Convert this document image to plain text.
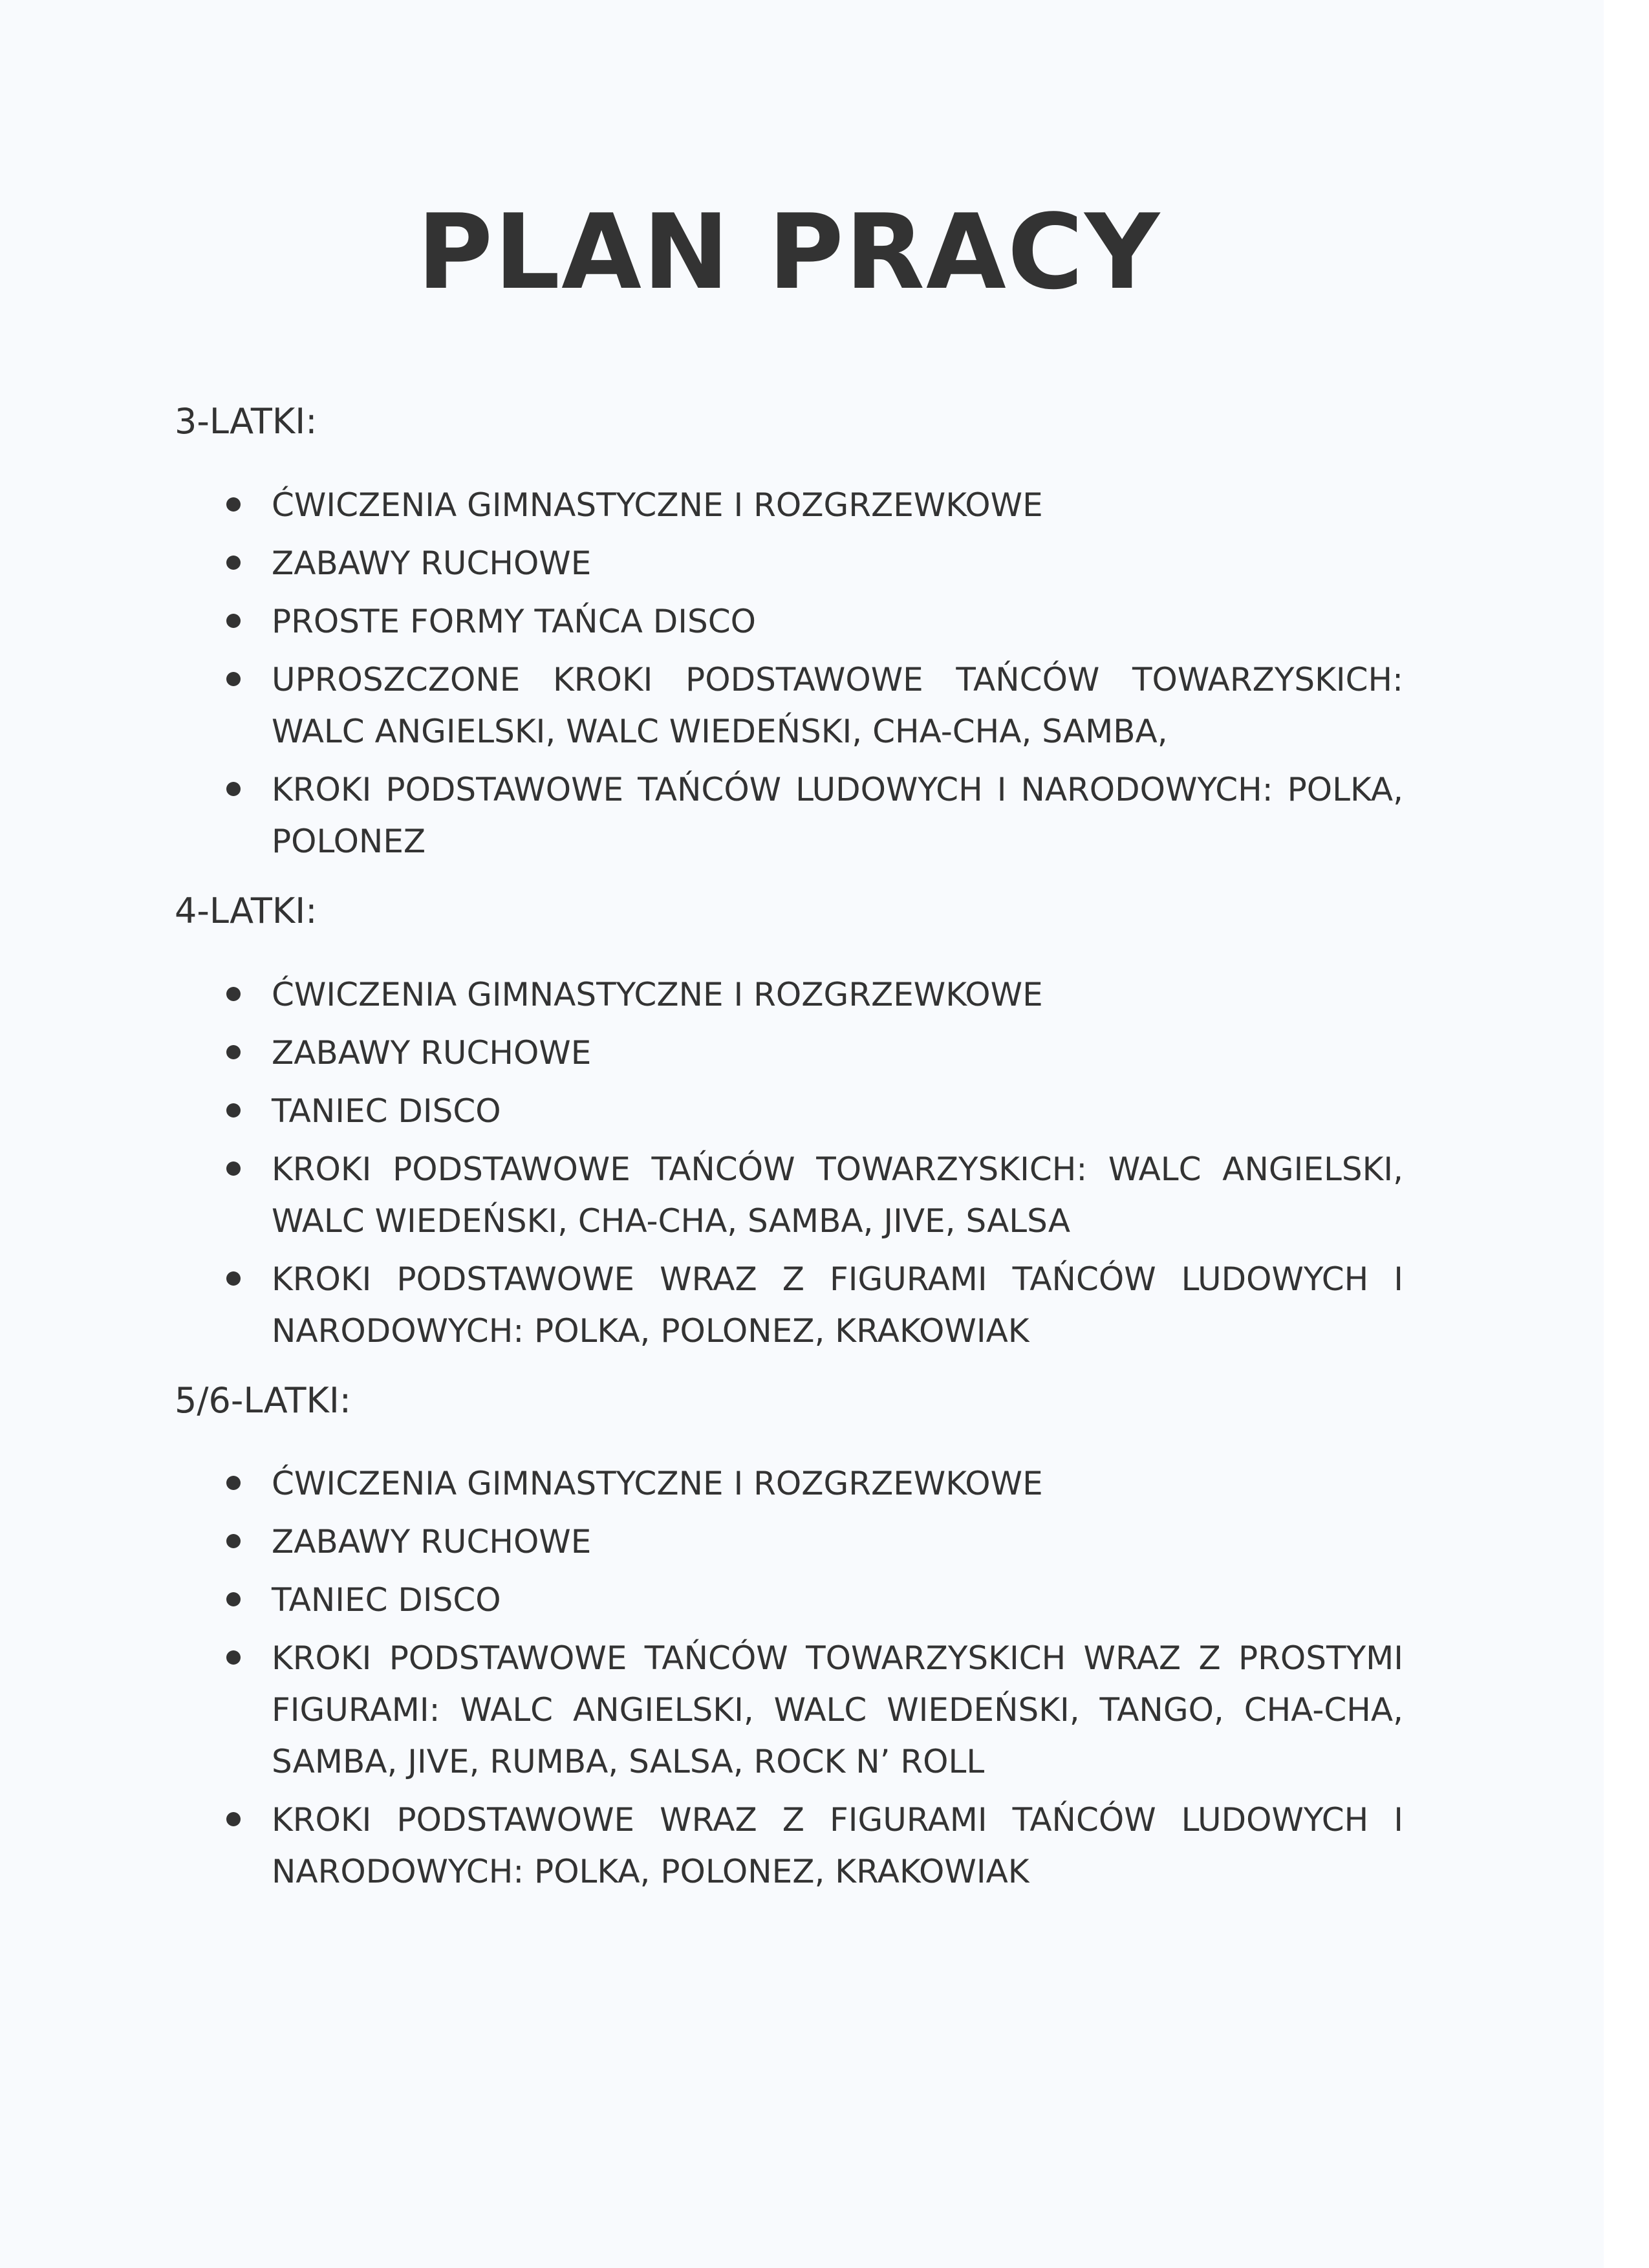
PLAN PRACY
3-LATKI:
ĆWICZENIA GIMNASTYCZNE I ROZGRZEWKOWE
ZABAWY RUCHOWE
PROSTE FORMY TAŃCA DISCO
UPROSZCZONE KROKI PODSTAWOWE TAŃCÓW TOWARZYSKICH: WALC ANGIELSKI, WALC WIEDEŃSKI, CHA-CHA, SAMBA,
KROKI PODSTAWOWE TAŃCÓW LUDOWYCH I NARODOWYCH: POLKA, POLONEZ
4-LATKI:
ĆWICZENIA GIMNASTYCZNE I ROZGRZEWKOWE
ZABAWY RUCHOWE
TANIEC DISCO
KROKI PODSTAWOWE TAŃCÓW TOWARZYSKICH: WALC ANGIELSKI, WALC WIEDEŃSKI, CHA-CHA, SAMBA, JIVE, SALSA
KROKI PODSTAWOWE WRAZ Z FIGURAMI TAŃCÓW LUDOWYCH I NARODOWYCH: POLKA, POLONEZ, KRAKOWIAK
5/6-LATKI:
ĆWICZENIA GIMNASTYCZNE I ROZGRZEWKOWE
ZABAWY RUCHOWE
TANIEC DISCO
KROKI PODSTAWOWE TAŃCÓW TOWARZYSKICH WRAZ Z PROSTYMI FIGURAMI: WALC ANGIELSKI, WALC WIEDEŃSKI, TANGO, CHA-CHA, SAMBA, JIVE, RUMBA, SALSA, ROCK N’ ROLL
KROKI PODSTAWOWE WRAZ Z FIGURAMI TAŃCÓW LUDOWYCH I NARODOWYCH: POLKA, POLONEZ, KRAKOWIAK
